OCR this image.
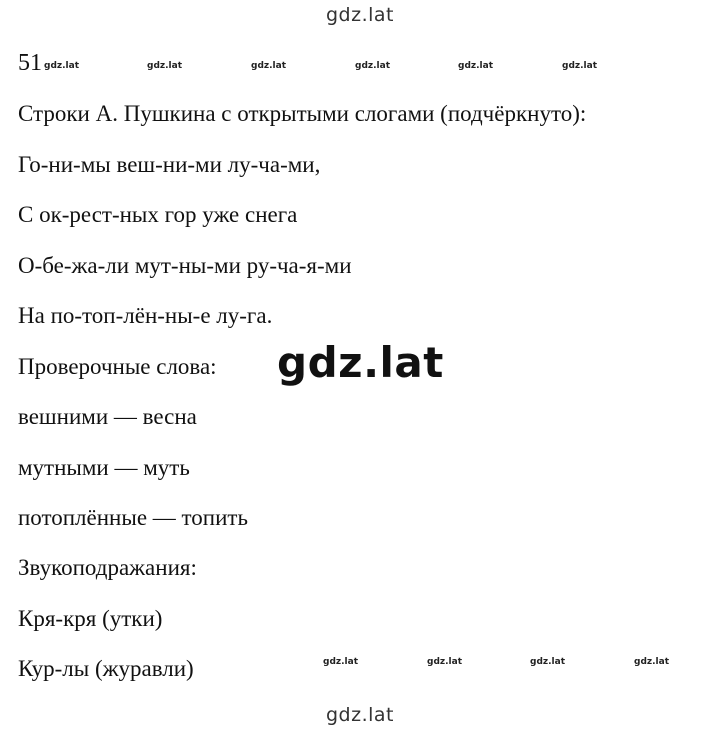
gdz.lat
51 gdz.lat	gdz.lat	gdz.lat	gdz.lat	gdz.lat	gdz.lat
Строки А. Пушкина с открытыми слогами (подчёркнуто):
Го-ни-мы веш-ни-ми лу-ча-ми,
С ок-рест-ных гор уже снега
О-бе-жа-ли мут-ны-ми ру-ча-я-ми
На по-топ-лён-ны-е лу-га.
Проверочные слова: gdz.lat
вешними — весна
мутными — муть
потоплённые — топить
Звукоподражания:
Кря-кря (утки)
Кур-лы (журавли)	gdz.lat	gdz.lat	gdz.lat	gdz.lat
gdz.lat
